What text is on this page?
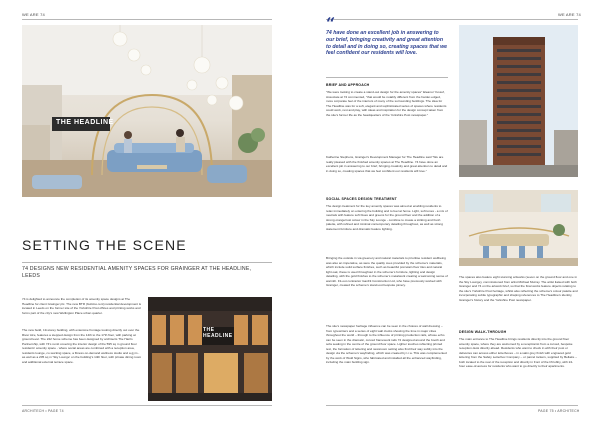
WE ARE 74	WE ARE 74
THE HEADLINE
SETTING THE SCENE
74 DESIGNS NEW RESIDENTIAL AMENITY SPACES FOR GRAINGER AT THE HEADLINE, LEEDS
74 is delighted to announce the completion of its amenity space designs at The Headline for client Grainger plc. The new BTR (build-to-rent) residential development is located in Leeds on the former site of the Yorkshire Post offices and printing works and forms part of the city's new Wellington Place urban quarter.
The new build, 19-storey building, with extensive frontage looking directly out over the River Aire, features a stepped design from the 14th to the 17th floor, with parking at ground level. The 242 home scheme has been designed by architects The Harris Partnership, with 74's remit covering the interior design of the 595 sq m ground floor residents' amenity space - where social areas are combined with a reception area, residents lounge, co-working space, a fitness on-demand wellness studio and a gym - as well as a 205 sq m 'Sky Lounge' on the building's 14th floor, with private dining room and additional external terrace space.
THE HEADLINE
ARCHITECH • PAGE 74
“
74 have done an excellent job in answering to our brief, bringing creativity and great attention to detail and in doing so, creating spaces that we feel confident our residents will love.
BRIEF AND APPROACH
"We were looking to create a stand-out design for the amenity spaces" Eleanor Yussuf, Associate at 74 commented, "that would be notably different from the harder-edged, more corporate feel of the interiors of many of the surrounding buildings. The idea for The Headline was for a soft, elegant and sophisticated series of spaces where residents could work, rest and play, with ideas and inspiration for the design concept taken from the site's former life as the headquarters of the Yorkshire Post newspaper."
Katherine Stephens, Grainger's Development Manager for The Headline said "We are really pleased with the finished amenity spaces at The Headline. 74 have done an excellent job in answering to our brief, bringing creativity and great attention to detail and in doing so, creating spaces that we feel confident our residents will love."
SOCIAL SPACES DESIGN TREATMENT
The design treatment for the key amenity spaces was aimed at enabling residents to relax immediately on entering the building and to feel at home. Light, soft tones - a mix of neutrals with feature soft blues and greens for the ground floor and the addition of a strong orange/rust colour in the Sky Lounge - combine to create a striking and fresh palette, with refined and minimal contemporary detailing throughout, as well as strong statement furniture and dramatic feature lighting.
Bringing the outside in via greenery and natural materials to prioritise resident wellbeing was also an imperative, as were the quality cues provided by the scheme's materials, which include solid surface finishes, such as beautiful porcelain floor tiles and natural light oak, these is used throughout in the scheme's furniture, lighting and design detailing, with the gold finishes to the scheme's metalwork creating a welcoming sense of warmth. Fit-out contractor GanFit Construction Ltd, who have previously worked with Grainger, created the scheme's stand-out bespoke joinery.
The site's newspaper heritage influence can be seen in the choices of wall dressing – from typewriters and a series of eight wall clocks showing the time in major cities throughout the world – through to the influence of printing production rails, whose echo can be seen in the dramatic, curved framework rails 74 designed around the booth and sofa seating in the centre of the ground floor space. Lighter touches reflecting printed text, the formation of lettering and newsroom setting also find their way subtly into the design via the scheme's wayfinding, which was created by t.r.a. This was complemented by the work of Wold Signs, who fabricated and installed all the enhanced wayfinding, including the main building sign.
The spaces also feature eight stunning artworks (seven on the ground floor and one in the Sky Lounge), commissioned from artist Michael Murray. The artist liaised with both Grainger and 74 on the artwork brief, so that the final works feature objects relating to the site's Yorkshire Post heritage, whilst also reflecting the scheme's colour palette and incorporating subtle typographic and shaping references to The Headline's identity, Grainger's history and the Yorkshire Post newspaper.
DESIGN WALK-THROUGH
The main entrance to The Headline brings residents directly into the ground floor amenity space, where they are welcomed by a receptionist from a curved, bespoke reception desk directly ahead. Residents who want to check in with their post or deliveries can access either letterboxes – in a satin grey finish with engraved gold lettering from the Safety Letterbox Company – or parcel lockers, supplied by Bellaire – both located to the rear of the reception and directly in front of the lift lobby, with 24-hour ease-of-access for residents who want to go directly to their apartments.
PAGE 75 • ARCHITECH
